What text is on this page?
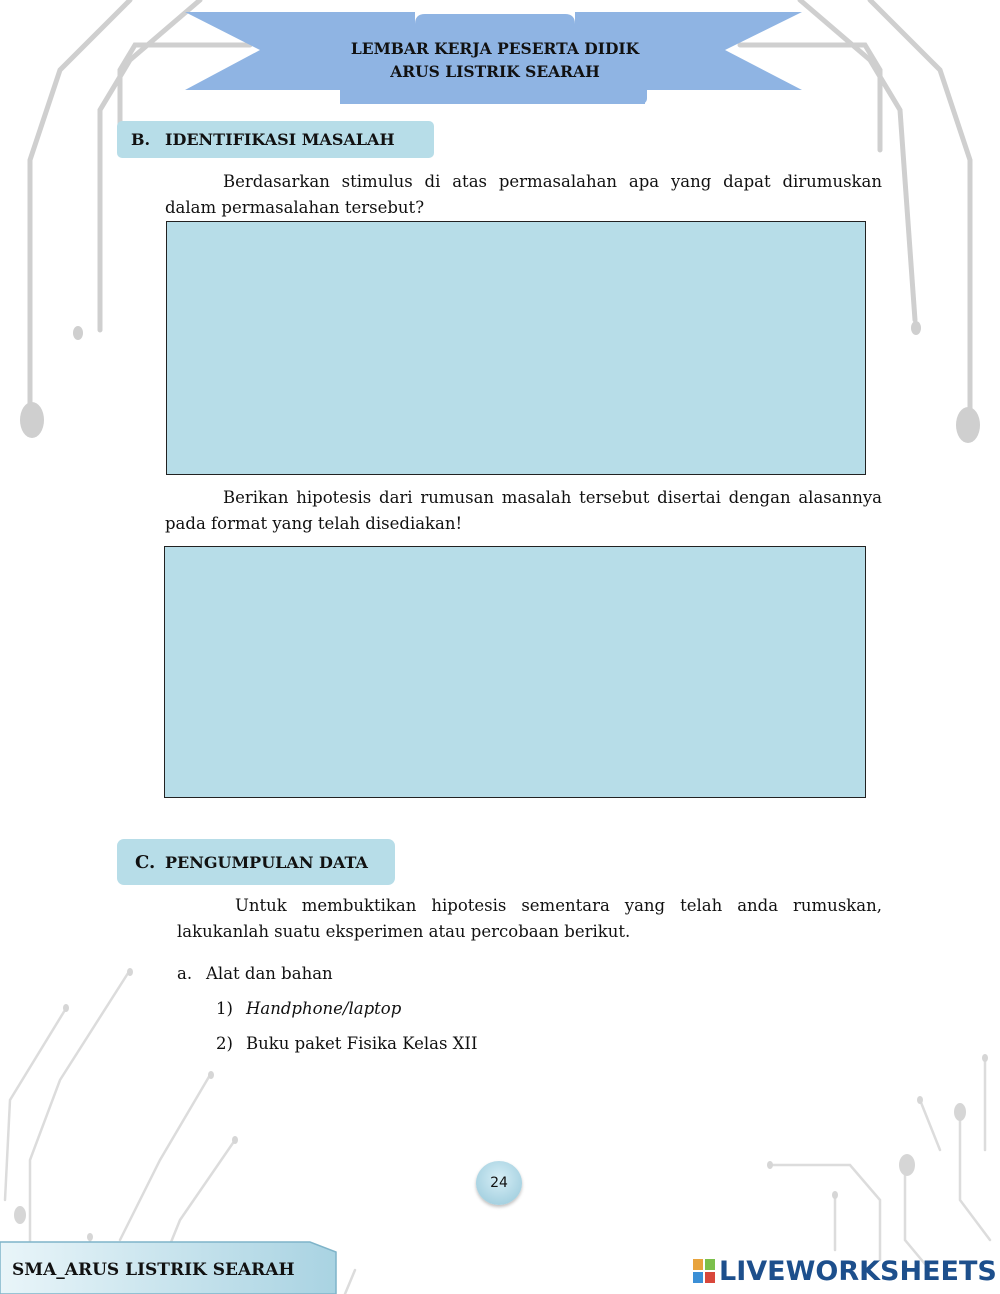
LEMBAR KERJA PESERTA DIDIK
ARUS LISTRIK SEARAH
B. IDENTIFIKASI MASALAH
Berdasarkan stimulus di atas permasalahan apa yang dapat dirumuskan dalam permasalahan tersebut?
Berikan hipotesis dari rumusan masalah tersebut disertai dengan alasannya pada format yang telah disediakan!
C. PENGUMPULAN DATA
Untuk membuktikan hipotesis sementara yang telah anda rumuskan, lakukanlah suatu eksperimen atau percobaan berikut.
a. Alat dan bahan
1) Handphone/laptop
2) Buku paket Fisika Kelas XII
24
SMA_ARUS LISTRIK SEARAH	LIVEWORKSHEETS
